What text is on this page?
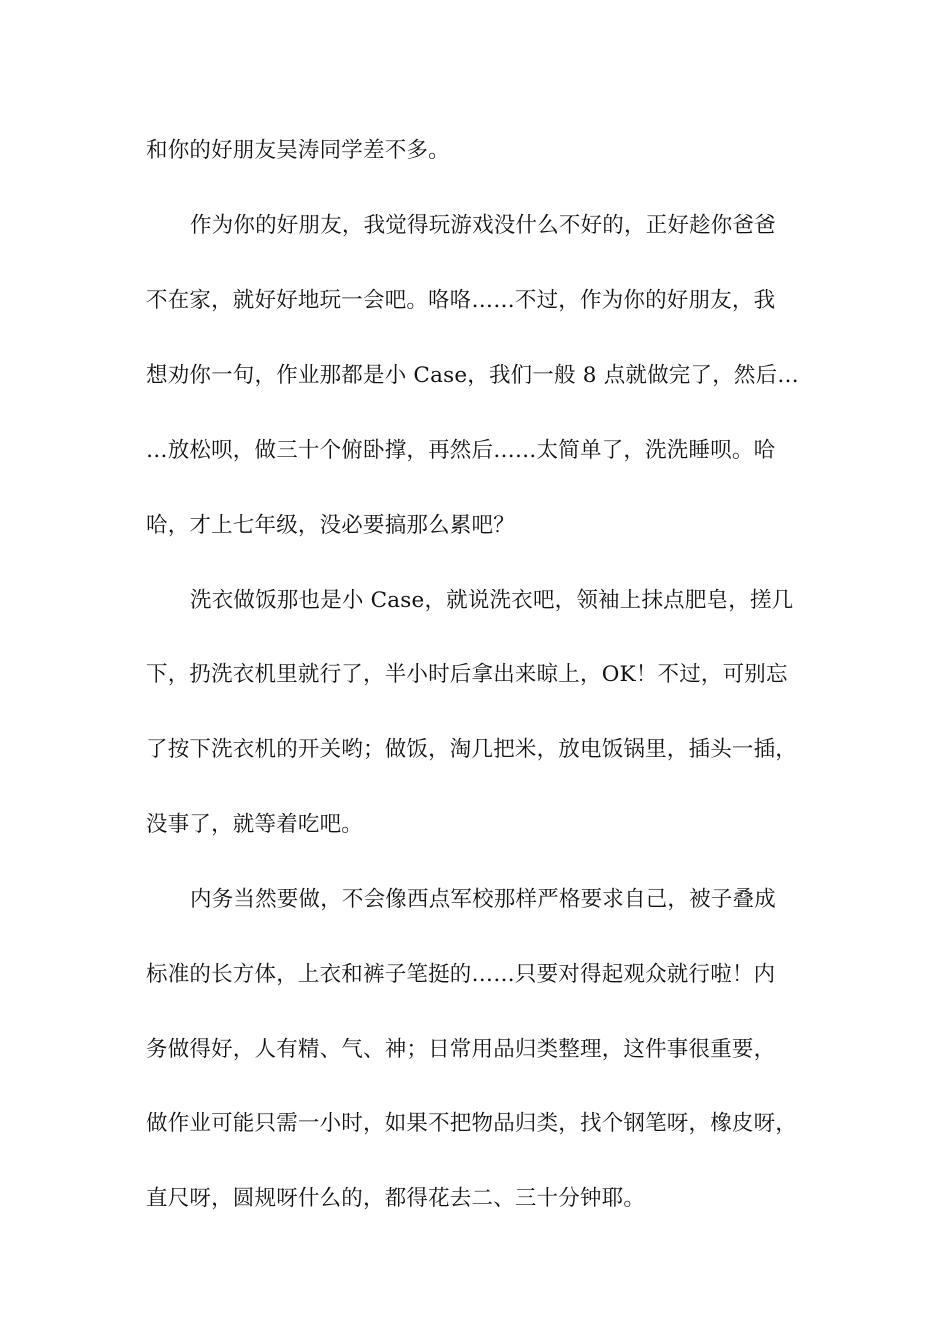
和你的好朋友吴涛同学差不多。
作为你的好朋友，我觉得玩游戏没什么不好的，正好趁你爸爸
不在家，就好好地玩一会吧。咯咯……不过，作为你的好朋友，我
想劝你一句，作业那都是小 Case，我们一般 8 点就做完了，然后…
…放松呗，做三十个俯卧撑，再然后……太简单了，洗洗睡呗。哈
哈，才上七年级，没必要搞那么累吧？
洗衣做饭那也是小 Case，就说洗衣吧，领袖上抹点肥皂，搓几
下，扔洗衣机里就行了，半小时后拿出来晾上，OK！不过，可别忘
了按下洗衣机的开关哟；做饭，淘几把米，放电饭锅里，插头一插，
没事了，就等着吃吧。
内务当然要做，不会像西点军校那样严格要求自己，被子叠成
标准的长方体，上衣和裤子笔挺的……只要对得起观众就行啦！内
务做得好，人有精、气、神；日常用品归类整理，这件事很重要，
做作业可能只需一小时，如果不把物品归类，找个钢笔呀，橡皮呀，
直尺呀，圆规呀什么的，都得花去二、三十分钟耶。
